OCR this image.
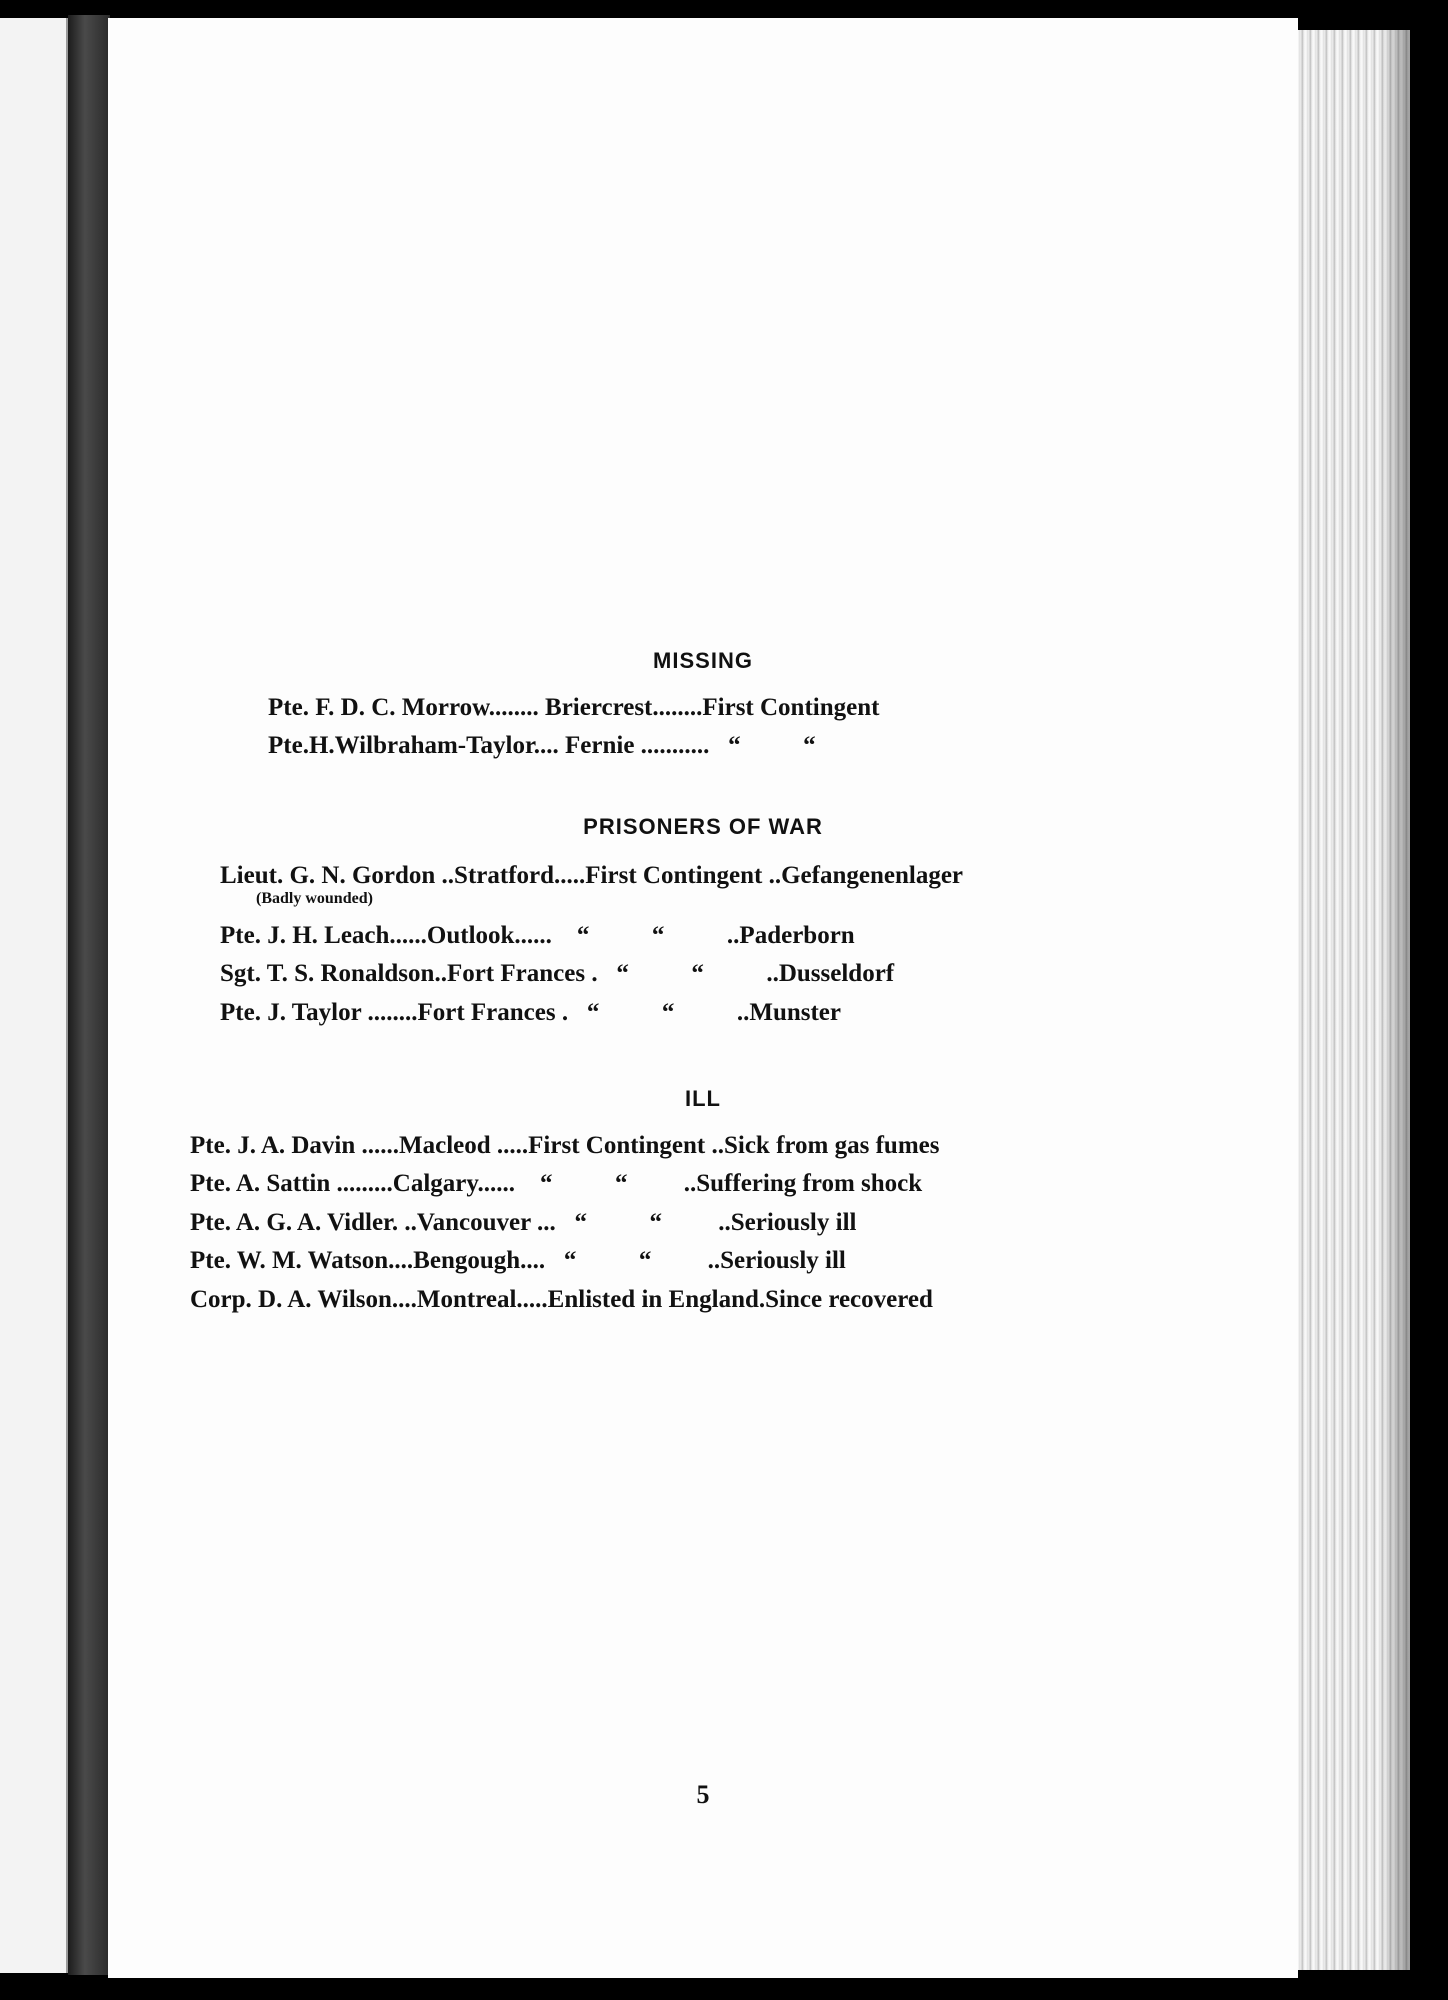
MISSING
Pte. F. D. C. Morrow........ Briercrest........First Contingent
Pte.H.Wilbraham-Taylor.... Fernie ...........   “          “
PRISONERS OF WAR
Lieut. G. N. Gordon ..Stratford.....First Contingent ..Gefangenenlager
(Badly wounded)
Pte. J. H. Leach......Outlook......    “          “          ..Paderborn
Sgt. T. S. Ronaldson..Fort Frances .   “          “          ..Dusseldorf
Pte. J. Taylor ........Fort Frances .   “          “          ..Munster
ILL
Pte. J. A. Davin ......Macleod .....First Contingent ..Sick from gas fumes
Pte. A. Sattin .........Calgary......    “          “         ..Suffering from shock
Pte. A. G. A. Vidler. ..Vancouver ...   “          “         ..Seriously ill
Pte. W. M. Watson....Bengough....   “          “         ..Seriously ill
Corp. D. A. Wilson....Montreal.....Enlisted in England.Since recovered
5
